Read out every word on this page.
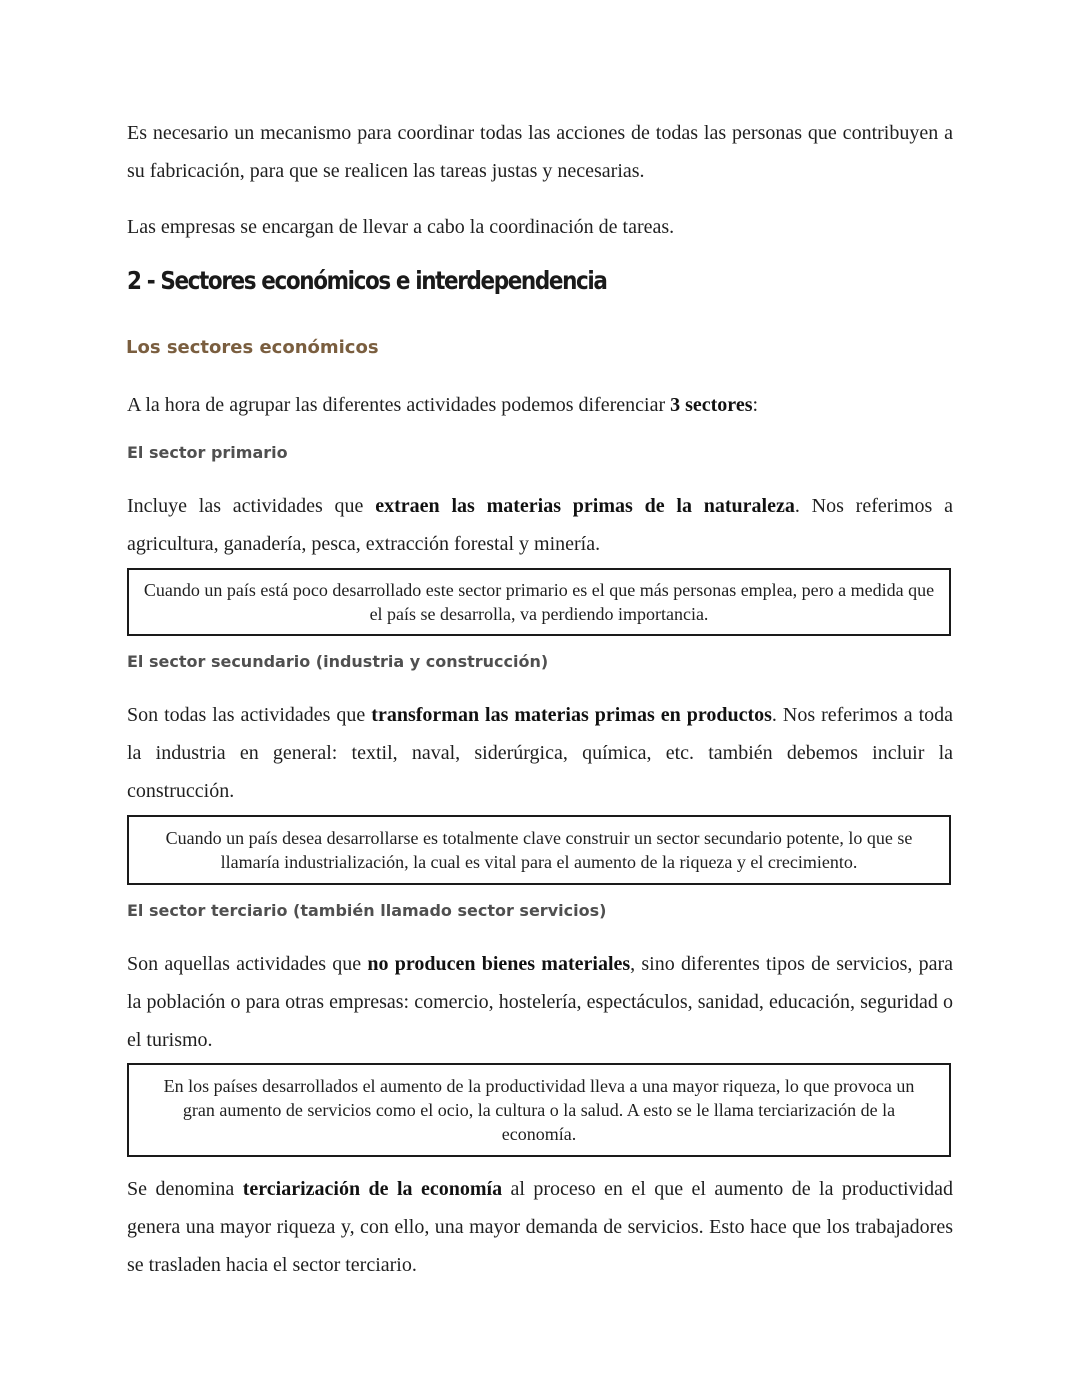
Es necesario un mecanismo para coordinar todas las acciones de todas las personas que contribuyen a su fabricación, para que se realicen las tareas justas y necesarias.

Las empresas se encargan de llevar a cabo la coordinación de tareas.

2 - Sectores económicos e interdependencia
Los sectores económicos

A la hora de agrupar las diferentes actividades podemos diferenciar 3 sectores:

El sector primario

Incluye las actividades que extraen las materias primas de la naturaleza. Nos referimos a agricultura, ganadería, pesca, extracción forestal y minería.

Cuando un país está poco desarrollado este sector primario es el que más personas emplea, pero a medida que el país se desarrolla, va perdiendo importancia.
El sector secundario (industria y construcción)

Son todas las actividades que transforman las materias primas en productos. Nos referimos a toda la industria en general: textil, naval, siderúrgica, química, etc. también debemos incluir la construcción.

Cuando un país desea desarrollarse es totalmente clave construir un sector secundario potente, lo que se llamaría industrialización, la cual es vital para el aumento de la riqueza y el crecimiento.
El sector terciario (también llamado sector servicios)

Son aquellas actividades que no producen bienes materiales, sino diferentes tipos de servicios, para la población o para otras empresas: comercio, hostelería, espectáculos, sanidad, educación, seguridad o el turismo.

En los países desarrollados el aumento de la productividad lleva a una mayor riqueza, lo que provoca un gran aumento de servicios como el ocio, la cultura o la salud. A esto se le llama terciarización de la economía.

Se denomina terciarización de la economía al proceso en el que el aumento de la productividad genera una mayor riqueza y, con ello, una mayor demanda de servicios. Esto hace que los trabajadores se trasladen hacia el sector terciario.
